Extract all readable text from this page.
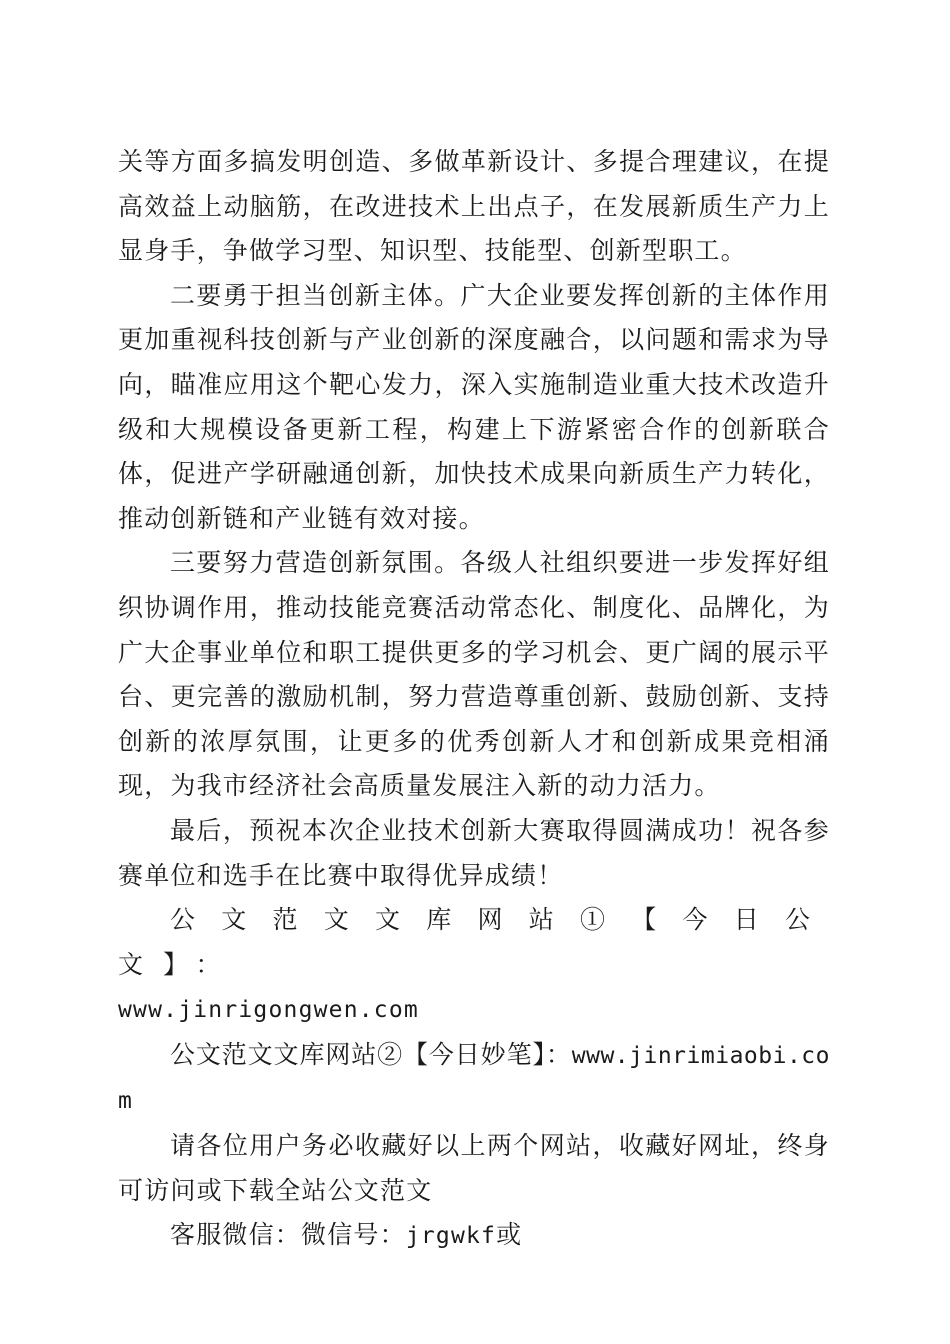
关等方面多搞发明创造、多做革新设计、多提合理建议，在提高效益上动脑筋，在改进技术上出点子，在发展新质生产力上显身手，争做学习型、知识型、技能型、创新型职工。

二要勇于担当创新主体。广大企业要发挥创新的主体作用更加重视科技创新与产业创新的深度融合，以问题和需求为导向，瞄准应用这个靶心发力，深入实施制造业重大技术改造升级和大规模设备更新工程，构建上下游紧密合作的创新联合体，促进产学研融通创新，加快技术成果向新质生产力转化，推动创新链和产业链有效对接。

三要努力营造创新氛围。各级人社组织要进一步发挥好组织协调作用，推动技能竞赛活动常态化、制度化、品牌化，为广大企事业单位和职工提供更多的学习机会、更广阔的展示平台、更完善的激励机制，努力营造尊重创新、鼓励创新、支持创新的浓厚氛围，让更多的优秀创新人才和创新成果竞相涌现，为我市经济社会高质量发展注入新的动力活力。

最后，预祝本次企业技术创新大赛取得圆满成功！祝各参赛单位和选手在比赛中取得优异成绩！

公文范文文库网站①【今日公文】：

www.jinrigongwen.com

公文范文文库网站②【今日妙笔】：www.jinrimiaobi.com

请各位用户务必收藏好以上两个网站，收藏好网址，终身可访问或下载全站公文范文

客服微信：微信号：jrgwkf或
